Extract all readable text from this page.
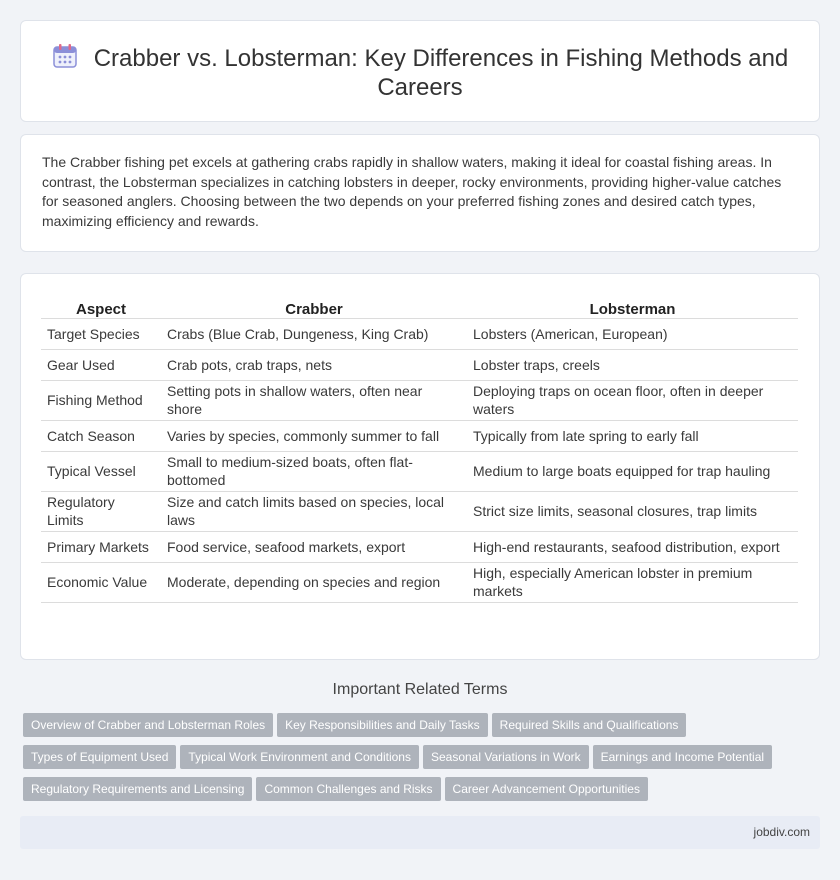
Crabber vs. Lobsterman: Key Differences in Fishing Methods and Careers

The Crabber fishing pet excels at gathering crabs rapidly in shallow waters, making it ideal for coastal fishing areas. In contrast, the Lobsterman specializes in catching lobsters in deeper, rocky environments, providing higher-value catches for seasoned anglers. Choosing between the two depends on your preferred fishing zones and desired catch types, maximizing efficiency and rewards.

Aspect	Crabber	Lobsterman
Target Species	Crabs (Blue Crab, Dungeness, King Crab)	Lobsters (American, European)
Gear Used	Crab pots, crab traps, nets	Lobster traps, creels
Fishing Method	Setting pots in shallow waters, often near shore	Deploying traps on ocean floor, often in deeper waters
Catch Season	Varies by species, commonly summer to fall	Typically from late spring to early fall
Typical Vessel	Small to medium-sized boats, often flat-bottomed	Medium to large boats equipped for trap hauling
Regulatory Limits	Size and catch limits based on species, local laws	Strict size limits, seasonal closures, trap limits
Primary Markets	Food service, seafood markets, export	High-end restaurants, seafood distribution, export
Economic Value	Moderate, depending on species and region	High, especially American lobster in premium markets
Important Related Terms
Overview of Crabber and Lobsterman Roles Key Responsibilities and Daily Tasks Required Skills and Qualifications
Types of Equipment Used Typical Work Environment and Conditions Seasonal Variations in Work Earnings and Income Potential
Regulatory Requirements and Licensing Common Challenges and Risks Career Advancement Opportunities
jobdiv.com
